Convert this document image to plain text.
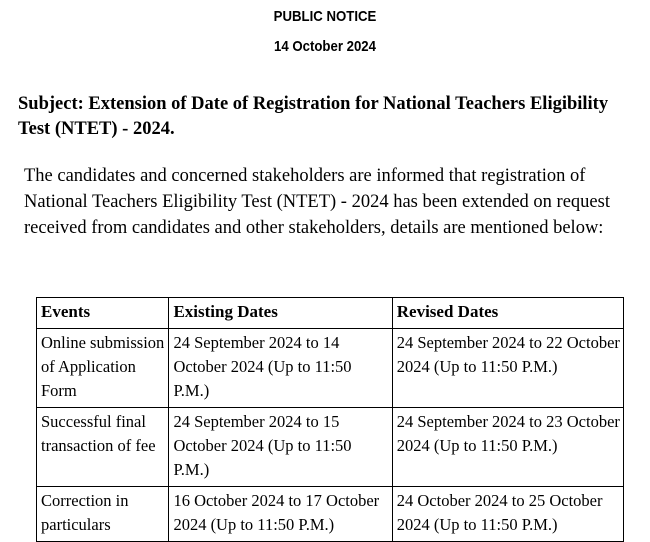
PUBLIC NOTICE
14 October 2024
Subject: Extension of Date of Registration for National Teachers Eligibility Test (NTET) - 2024.
The candidates and concerned stakeholders are informed that registration of National Teachers Eligibility Test (NTET) - 2024 has been extended on request received from candidates and other stakeholders, details are mentioned below:
Events	Existing Dates	Revised Dates
Online submission of Application Form	24 September 2024 to 14 October 2024 (Up to 11:50 P.M.)	24 September 2024 to 22 October 2024 (Up to 11:50 P.M.)
Successful final transaction of fee	24 September 2024 to 15 October 2024 (Up to 11:50 P.M.)	24 September 2024 to 23 October 2024 (Up to 11:50 P.M.)
Correction in particulars	16 October 2024 to 17 October 2024 (Up to 11:50 P.M.)	24 October 2024 to 25 October 2024 (Up to 11:50 P.M.)
